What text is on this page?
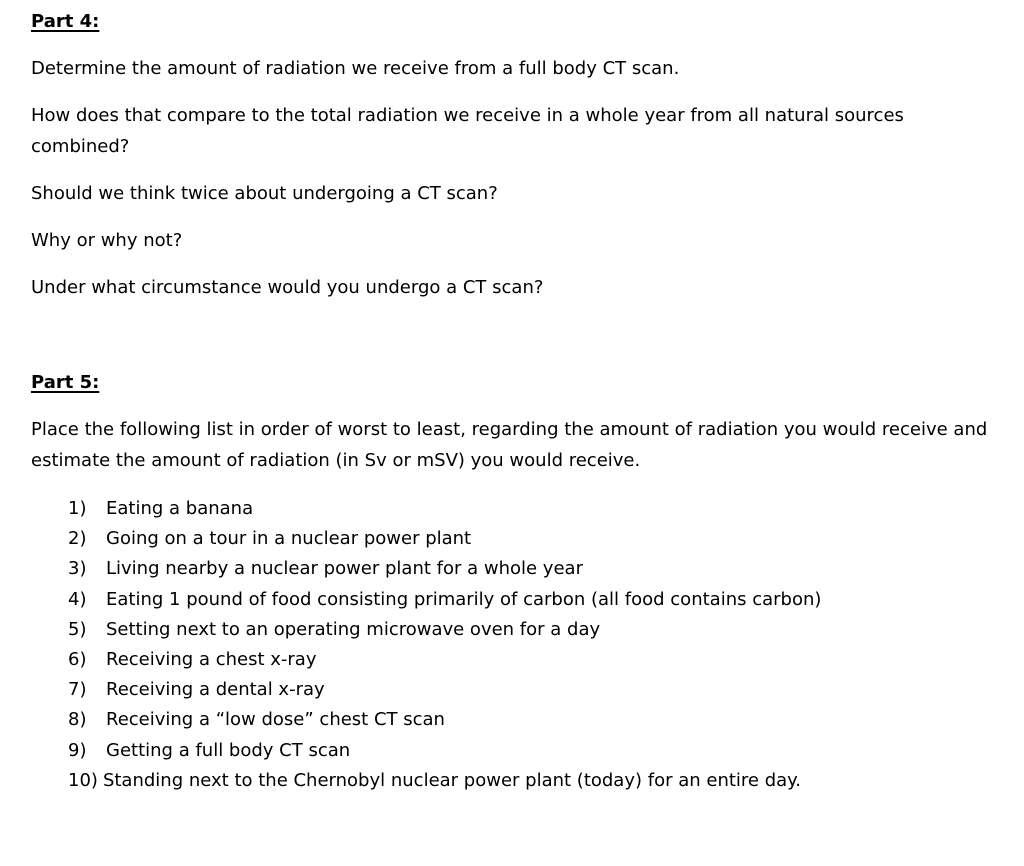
Part 4:
Determine the amount of radiation we receive from a full body CT scan.
How does that compare to the total radiation we receive in a whole year from all natural sources combined?
Should we think twice about undergoing a CT scan?
Why or why not?
Under what circumstance would you undergo a CT scan?
Part 5:
Place the following list in order of worst to least, regarding the amount of radiation you would receive and estimate the amount of radiation (in Sv or mSV) you would receive.
1)	Eating a banana
2)	Going on a tour in a nuclear power plant
3)	Living nearby a nuclear power plant for a whole year
4)	Eating 1 pound of food consisting primarily of carbon (all food contains carbon)
5)	Setting next to an operating microwave oven for a day
6)	Receiving a chest x-ray
7)	Receiving a dental x-ray
8)	Receiving a “low dose” chest CT scan
9)	Getting a full body CT scan
10) Standing next to the Chernobyl nuclear power plant (today) for an entire day.
